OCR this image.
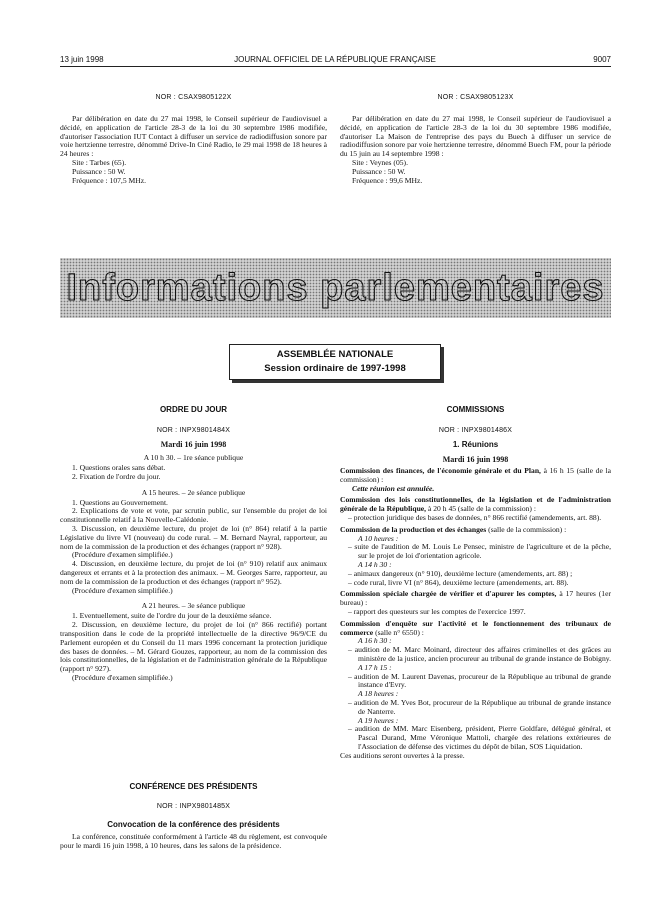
13 juin 1998	JOURNAL OFFICIEL DE LA RÉPUBLIQUE FRANÇAISE	9007
NOR : CSAX9805122X
Par délibération en date du 27 mai 1998, le Conseil supérieur de l'audiovisuel a décidé, en application de l'article 28-3 de la loi du 30 septembre 1986 modifiée, d'autoriser l'association IUT Contact à diffuser un service de radiodiffusion sonore par voie hertzienne terrestre, dénommé Drive-In Ciné Radio, le 29 mai 1998 de 18 heures à 24 heures :
Site : Tarbes (65).
Puissance : 50 W.
Fréquence : 107,5 MHz.
NOR : CSAX9805123X
Par délibération en date du 27 mai 1998, le Conseil supérieur de l'audiovisuel a décidé, en application de l'article 28-3 de la loi du 30 septembre 1986 modifiée, d'autoriser La Maison de l'entreprise des pays du Buech à diffuser un service de radiodiffusion sonore par voie hertzienne terrestre, dénommé Buech FM, pour la période du 15 juin au 14 septembre 1998 :
Site : Veynes (05).
Puissance : 50 W.
Fréquence : 99,6 MHz.
Informations parlementaires
ASSEMBLÉE NATIONALE
Session ordinaire de 1997-1998
ORDRE DU JOUR
NOR : INPX9801484X
Mardi 16 juin 1998
A 10 h 30. – 1re séance publique
1. Questions orales sans débat.
2. Fixation de l'ordre du jour.
A 15 heures. – 2e séance publique
1. Questions au Gouvernement.
2. Explications de vote et vote, par scrutin public, sur l'ensemble du projet de loi constitutionnelle relatif à la Nouvelle-Calédonie.
3. Discussion, en deuxième lecture, du projet de loi (n° 864) relatif à la partie Législative du livre VI (nouveau) du code rural. – M. Bernard Nayral, rapporteur, au nom de la commission de la production et des échanges (rapport n° 928).
(Procédure d'examen simplifiée.)
4. Discussion, en deuxième lecture, du projet de loi (n° 910) relatif aux animaux dangereux et errants et à la protection des animaux. – M. Georges Sarre, rapporteur, au nom de la commission de la production et des échanges (rapport n° 952).
(Procédure d'examen simplifiée.)
A 21 heures. – 3e séance publique
1. Eventuellement, suite de l'ordre du jour de la deuxième séance.
2. Discussion, en deuxième lecture, du projet de loi (n° 866 rectifié) portant transposition dans le code de la propriété intellectuelle de la directive 96/9/CE du Parlement européen et du Conseil du 11 mars 1996 concernant la protection juridique des bases de données. – M. Gérard Gouzes, rapporteur, au nom de la commission des lois constitutionnelles, de la législation et de l'administration générale de la République (rapport n° 927).
(Procédure d'examen simplifiée.)
CONFÉRENCE DES PRÉSIDENTS
NOR : INPX9801485X
Convocation de la conférence des présidents
La conférence, constituée conformément à l'article 48 du règlement, est convoquée pour le mardi 16 juin 1998, à 10 heures, dans les salons de la présidence.
COMMISSIONS
NOR : INPX9801486X
1. Réunions
Mardi 16 juin 1998
Commission des finances, de l'économie générale et du Plan, à 16 h 15 (salle de la commission) :
Cette réunion est annulée.
Commission des lois constitutionnelles, de la législation et de l'administration générale de la République, à 20 h 45 (salle de la commission) :
– protection juridique des bases de données, n° 866 rectifié (amendements, art. 88).
Commission de la production et des échanges (salle de la commission) :
A 10 heures :
– suite de l'audition de M. Louis Le Pensec, ministre de l'agriculture et de la pêche, sur le projet de loi d'orientation agricole.
A 14 h 30 :
– animaux dangereux (n° 910), deuxième lecture (amendements, art. 88) ;
– code rural, livre VI (n° 864), deuxième lecture (amendements, art. 88).
Commission spéciale chargée de vérifier et d'apurer les comptes, à 17 heures (1er bureau) :
– rapport des questeurs sur les comptes de l'exercice 1997.
Commission d'enquête sur l'activité et le fonctionnement des tribunaux de commerce (salle n° 6550) :
A 16 h 30 :
– audition de M. Marc Moinard, directeur des affaires criminelles et des grâces au ministère de la justice, ancien procureur au tribunal de grande instance de Bobigny.
A 17 h 15 :
– audition de M. Laurent Davenas, procureur de la République au tribunal de grande instance d'Evry.
A 18 heures :
– audition de M. Yves Bot, procureur de la République au tribunal de grande instance de Nanterre.
A 19 heures :
– audition de MM. Marc Eisenberg, président, Pierre Goldfare, délégué général, et Pascal Durand, Mme Véronique Mattoli, chargée des relations extérieures de l'Association de défense des victimes du dépôt de bilan, SOS Liquidation.
Ces auditions seront ouvertes à la presse.
